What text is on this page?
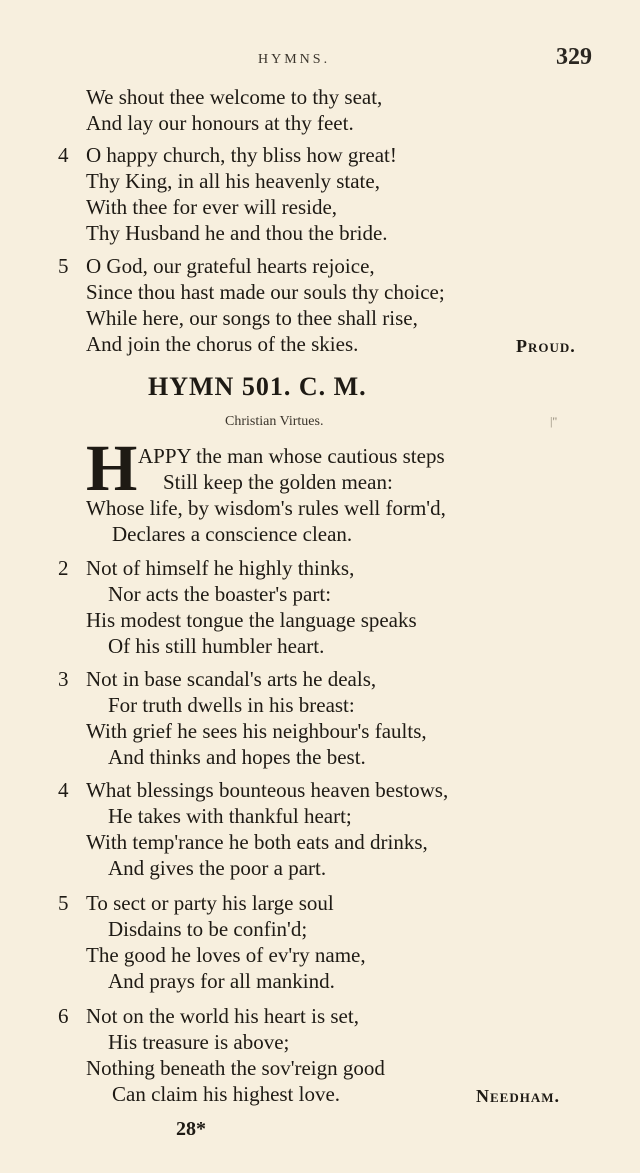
HYMNS.	329
We shout thee welcome to thy seat,
And lay our honours at thy feet.
4 O happy church, thy bliss how great!
Thy King, in all his heavenly state,
With thee for ever will reside,
Thy Husband he and thou the bride.
5 O God, our grateful hearts rejoice,
Since thou hast made our souls thy choice;
While here, our songs to thee shall rise,
And join the chorus of the skies.	Proud.
HYMN 501. C. M.
Christian Virtues.	|"
H APPY the man whose cautious steps
Still keep the golden mean:
Whose life, by wisdom's rules well form'd,
Declares a conscience clean.
2 Not of himself he highly thinks,
Nor acts the boaster's part:
His modest tongue the language speaks
Of his still humbler heart.
3 Not in base scandal's arts he deals,
For truth dwells in his breast:
With grief he sees his neighbour's faults,
And thinks and hopes the best.
4 What blessings bounteous heaven bestows,
He takes with thankful heart;
With temp'rance he both eats and drinks,
And gives the poor a part.
5 To sect or party his large soul
Disdains to be confin'd;
The good he loves of ev'ry name,
And prays for all mankind.
6 Not on the world his heart is set,
His treasure is above;
Nothing beneath the sov'reign good
Can claim his highest love.	Needham.
28*
